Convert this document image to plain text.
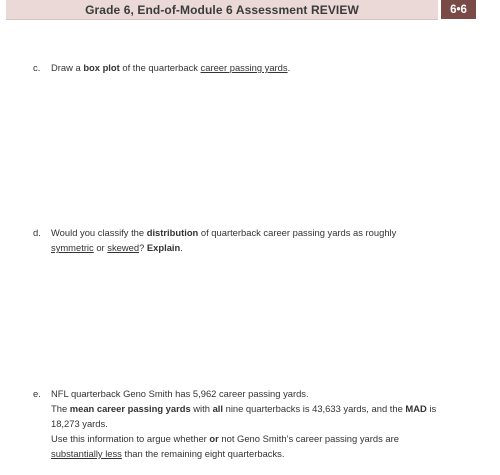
Grade 6, End-of-Module 6 Assessment REVIEW	6•6
c. Draw a box plot of the quarterback career passing yards.
d. Would you classify the distribution of quarterback career passing yards as roughly
symmetric or skewed? Explain.
e. NFL quarterback Geno Smith has 5,962 career passing yards.
The mean career passing yards with all nine quarterbacks is 43,633 yards, and the MAD is
18,273 yards.
Use this information to argue whether or not Geno Smith’s career passing yards are
substantially less than the remaining eight quarterbacks.
